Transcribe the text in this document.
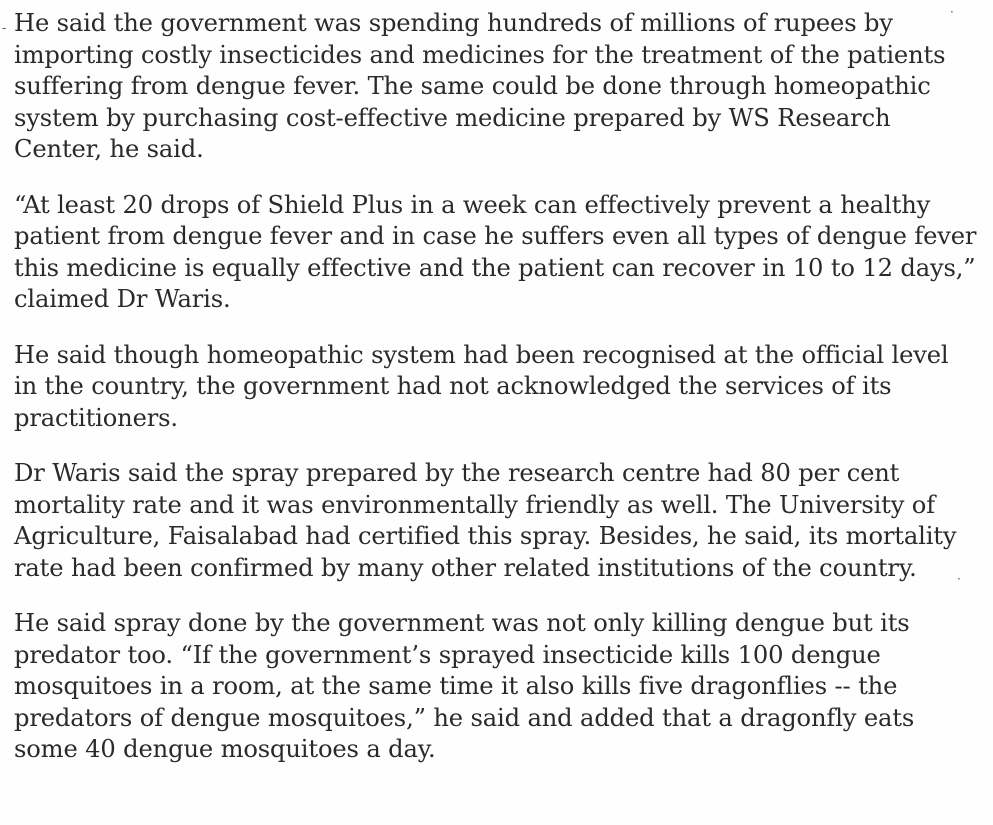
-
·
·

He said the government was spending hundreds of millions of rupees by
importing costly insecticides and medicines for the treatment of the patients
suffering from dengue fever. The same could be done through homeopathic
system by purchasing cost-effective medicine prepared by WS Research
Center, he said.

“At least 20 drops of Shield Plus in a week can effectively prevent a healthy
patient from dengue fever and in case he suffers even all types of dengue fever
this medicine is equally effective and the patient can recover in 10 to 12 days,”
claimed Dr Waris.

He said though homeopathic system had been recognised at the official level
in the country, the government had not acknowledged the services of its
practitioners.

Dr Waris said the spray prepared by the research centre had 80 per cent
mortality rate and it was environmentally friendly as well. The University of
Agriculture, Faisalabad had certified this spray. Besides, he said, its mortality
rate had been confirmed by many other related institutions of the country.

He said spray done by the government was not only killing dengue but its
predator too. “If the government’s sprayed insecticide kills 100 dengue
mosquitoes in a room, at the same time it also kills five dragonflies -- the
predators of dengue mosquitoes,” he said and added that a dragonfly eats
some 40 dengue mosquitoes a day.
